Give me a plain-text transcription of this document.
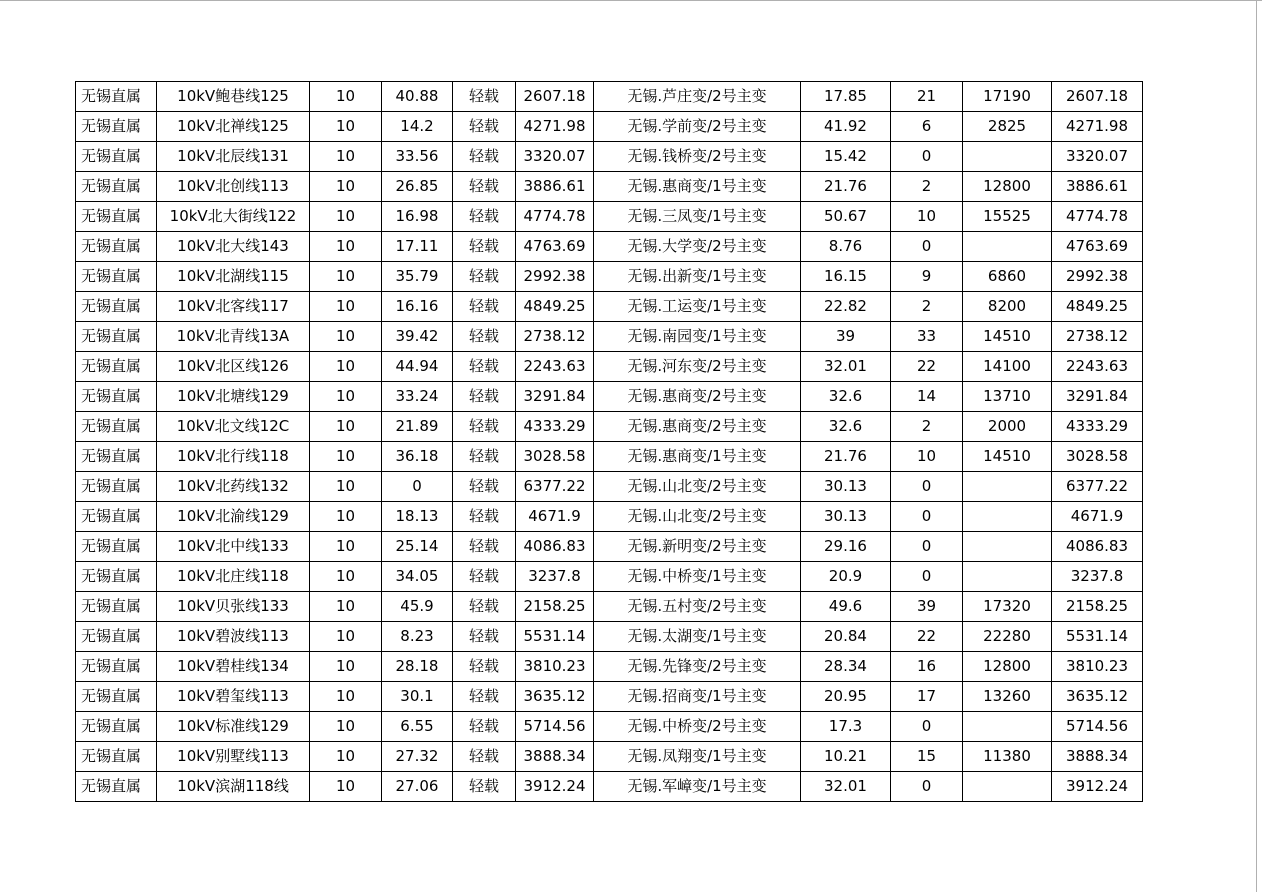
无锡直属	10kV鲍巷线125	10	40.88	轻载	2607.18	无锡.芦庄变/2号主变	17.85	21	17190	2607.18
无锡直属	10kV北禅线125	10	14.2	轻载	4271.98	无锡.学前变/2号主变	41.92	6	2825	4271.98
无锡直属	10kV北辰线131	10	33.56	轻载	3320.07	无锡.钱桥变/2号主变	15.42	0		3320.07
无锡直属	10kV北创线113	10	26.85	轻载	3886.61	无锡.惠商变/1号主变	21.76	2	12800	3886.61
无锡直属	10kV北大街线122	10	16.98	轻载	4774.78	无锡.三凤变/1号主变	50.67	10	15525	4774.78
无锡直属	10kV北大线143	10	17.11	轻载	4763.69	无锡.大学变/2号主变	8.76	0		4763.69
无锡直属	10kV北湖线115	10	35.79	轻载	2992.38	无锡.出新变/1号主变	16.15	9	6860	2992.38
无锡直属	10kV北客线117	10	16.16	轻载	4849.25	无锡.工运变/1号主变	22.82	2	8200	4849.25
无锡直属	10kV北青线13A	10	39.42	轻载	2738.12	无锡.南园变/1号主变	39	33	14510	2738.12
无锡直属	10kV北区线126	10	44.94	轻载	2243.63	无锡.河东变/2号主变	32.01	22	14100	2243.63
无锡直属	10kV北塘线129	10	33.24	轻载	3291.84	无锡.惠商变/2号主变	32.6	14	13710	3291.84
无锡直属	10kV北文线12C	10	21.89	轻载	4333.29	无锡.惠商变/2号主变	32.6	2	2000	4333.29
无锡直属	10kV北行线118	10	36.18	轻载	3028.58	无锡.惠商变/1号主变	21.76	10	14510	3028.58
无锡直属	10kV北药线132	10	0	轻载	6377.22	无锡.山北变/2号主变	30.13	0		6377.22
无锡直属	10kV北渝线129	10	18.13	轻载	4671.9	无锡.山北变/2号主变	30.13	0		4671.9
无锡直属	10kV北中线133	10	25.14	轻载	4086.83	无锡.新明变/2号主变	29.16	0		4086.83
无锡直属	10kV北庄线118	10	34.05	轻载	3237.8	无锡.中桥变/1号主变	20.9	0		3237.8
无锡直属	10kV贝张线133	10	45.9	轻载	2158.25	无锡.五村变/2号主变	49.6	39	17320	2158.25
无锡直属	10kV碧波线113	10	8.23	轻载	5531.14	无锡.太湖变/1号主变	20.84	22	22280	5531.14
无锡直属	10kV碧桂线134	10	28.18	轻载	3810.23	无锡.先锋变/2号主变	28.34	16	12800	3810.23
无锡直属	10kV碧玺线113	10	30.1	轻载	3635.12	无锡.招商变/1号主变	20.95	17	13260	3635.12
无锡直属	10kV标准线129	10	6.55	轻载	5714.56	无锡.中桥变/2号主变	17.3	0		5714.56
无锡直属	10kV别墅线113	10	27.32	轻载	3888.34	无锡.凤翔变/1号主变	10.21	15	11380	3888.34
无锡直属	10kV滨湖118线	10	27.06	轻载	3912.24	无锡.军嶂变/1号主变	32.01	0		3912.24
